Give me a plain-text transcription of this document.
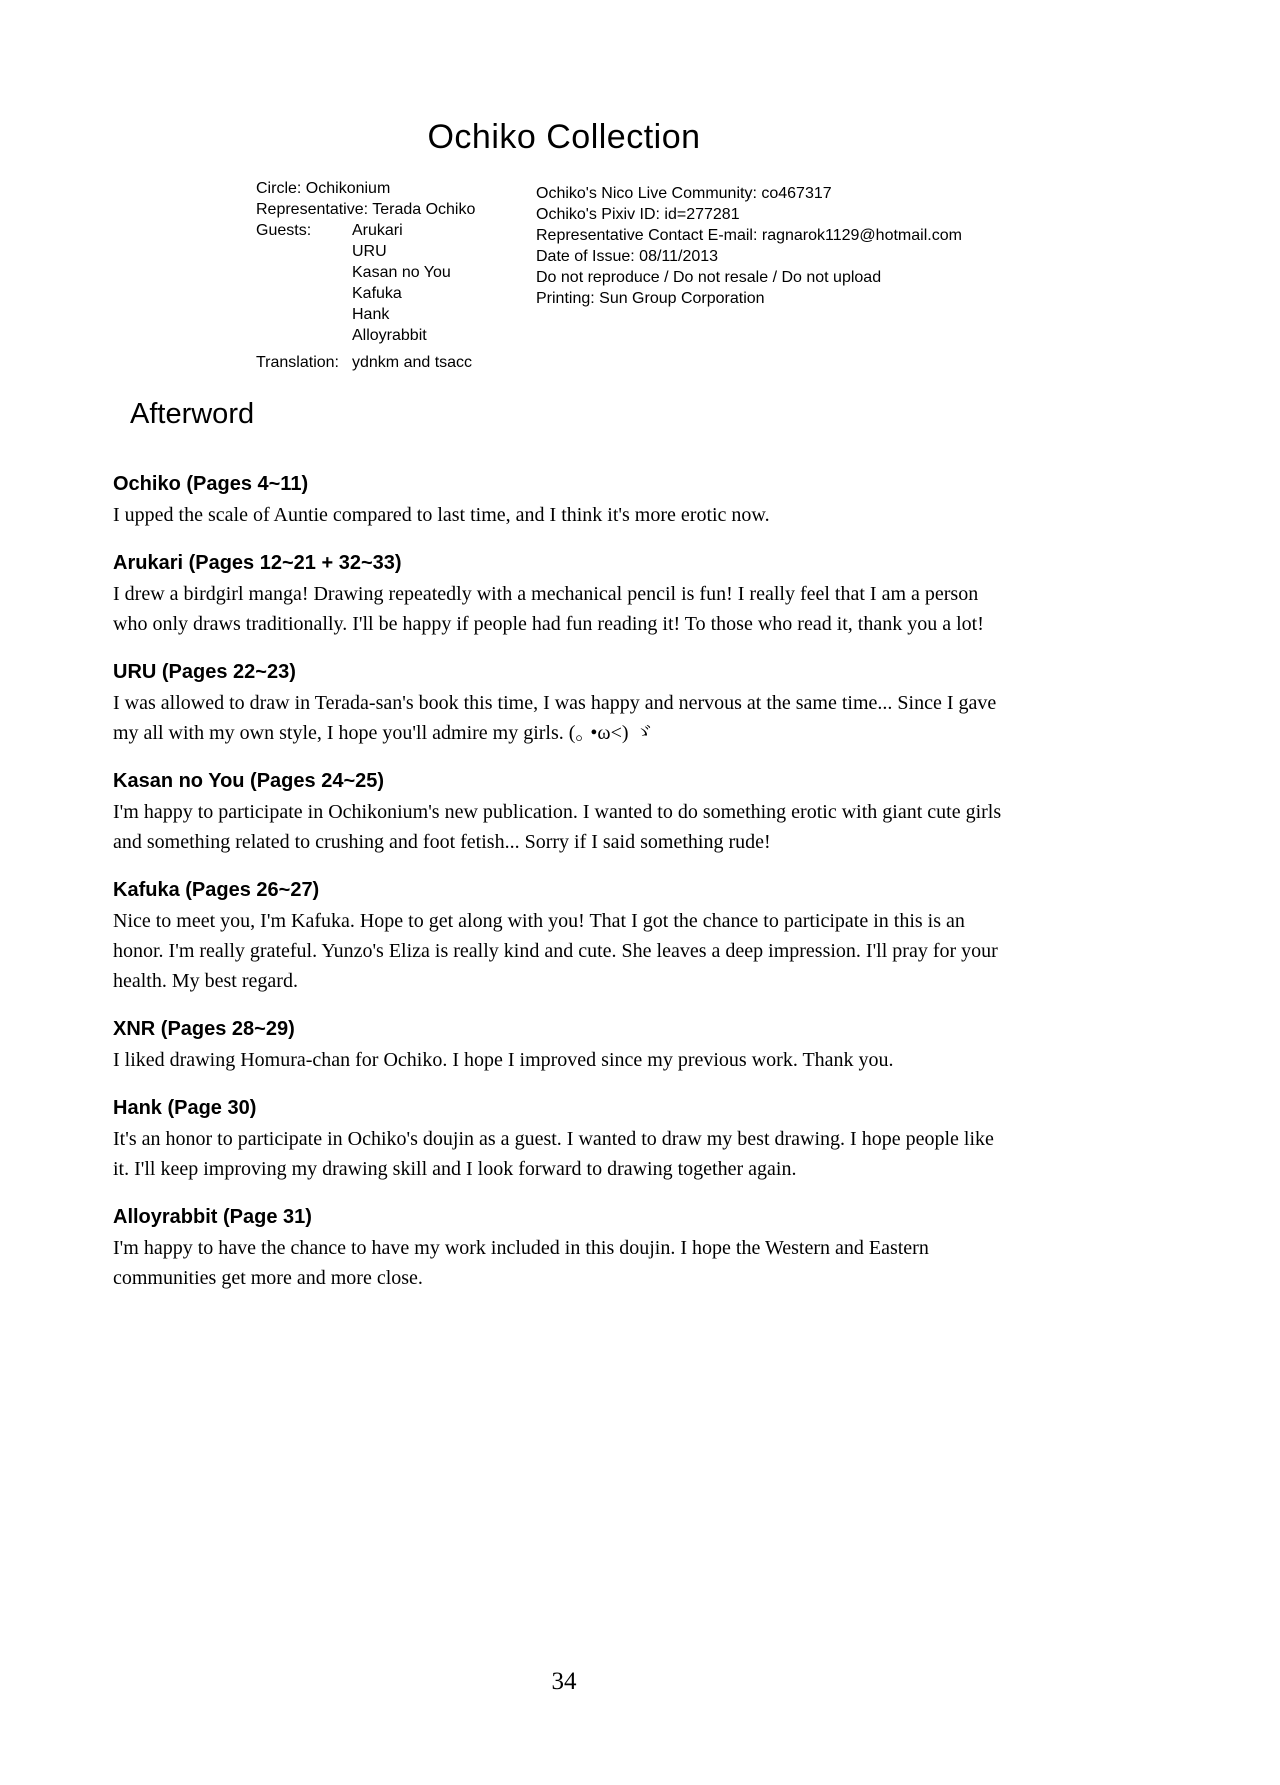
Ochiko Collection
Circle: Ochikonium
Representative: Terada Ochiko
Guests:	Arukari
URU
Kasan no You
Kafuka
Hank
Alloyrabbit
Translation: ydnkm and tsacc
Ochiko's Nico Live Community: co467317
Ochiko's Pixiv ID: id=277281
Representative Contact E-mail: ragnarok1129@hotmail.com
Date of Issue: 08/11/2013
Do not reproduce / Do not resale / Do not upload
Printing: Sun Group Corporation
Afterword
Ochiko (Pages 4~11)

I upped the scale of Auntie compared to last time, and I think it's more erotic now.

Arukari (Pages 12~21 + 32~33)

I drew a birdgirl manga! Drawing repeatedly with a mechanical pencil is fun! I really feel that I am a person who only draws traditionally. I'll be happy if people had fun reading it! To those who read it, thank you a lot!

URU (Pages 22~23)

I was allowed to draw in Terada-san's book this time, I was happy and nervous at the same time... Since I gave my all with my own style, I hope you'll admire my girls. (｡ •ω<) ゞ

Kasan no You (Pages 24~25)

I'm happy to participate in Ochikonium's new publication. I wanted to do something erotic with giant cute girls and something related to crushing and foot fetish... Sorry if I said something rude!

Kafuka (Pages 26~27)

Nice to meet you, I'm Kafuka. Hope to get along with you! That I got the chance to participate in this is an honor. I'm really grateful. Yunzo's Eliza is really kind and cute. She leaves a deep impression. I'll pray for your health. My best regard.

XNR (Pages 28~29)

I liked drawing Homura-chan for Ochiko. I hope I improved since my previous work. Thank you.

Hank (Page 30)

It's an honor to participate in Ochiko's doujin as a guest. I wanted to draw my best drawing. I hope people like it. I'll keep improving my drawing skill and I look forward to drawing together again.

Alloyrabbit (Page 31)

I'm happy to have the chance to have my work included in this doujin. I hope the Western and Eastern communities get more and more close.

34
